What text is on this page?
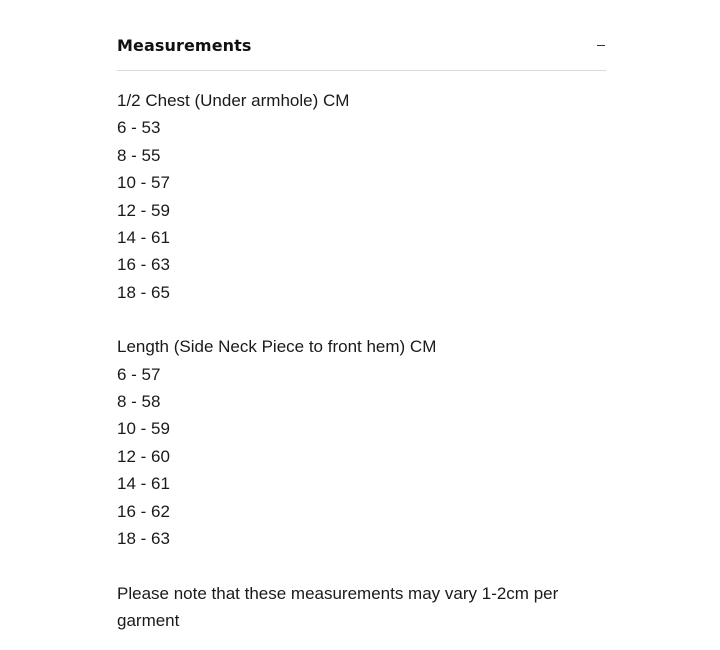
Measurements
1/2 Chest (Under armhole) CM
6 - 53
8 - 55
10 - 57
12 - 59
14 - 61
16 - 63
18 - 65
Length (Side Neck Piece to front hem) CM
6 - 57
8 - 58
10 - 59
12 - 60
14 - 61
16 - 62
18 - 63

Please note that these measurements may vary 1-2cm per garment
